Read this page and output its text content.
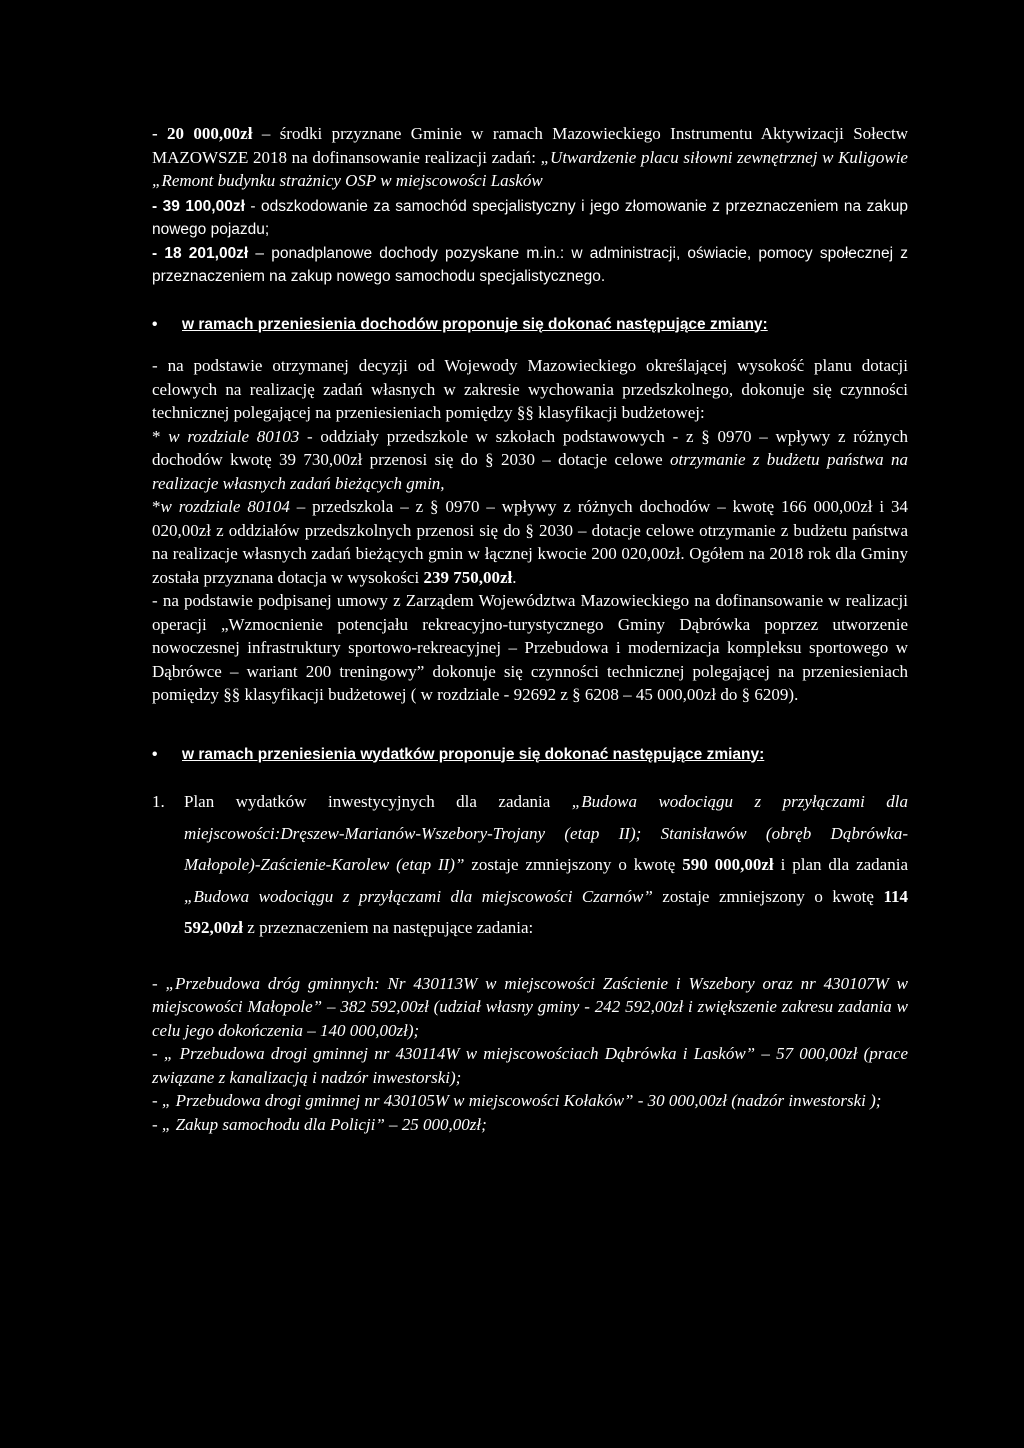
- 20 000,00zł – środki przyznane Gminie w ramach Mazowieckiego Instrumentu Aktywizacji Sołectw MAZOWSZE 2018 na dofinansowanie realizacji zadań: „Utwardzenie placu siłowni zewnętrznej w Kuligowie „Remont budynku strażnicy OSP w miejscowości Lasków

- 39 100,00zł - odszkodowanie za samochód specjalistyczny i jego złomowanie z przeznaczeniem na zakup nowego pojazdu;

- 18 201,00zł – ponadplanowe dochody pozyskane m.in.: w administracji, oświacie, pomocy społecznej z przeznaczeniem na zakup nowego samochodu specjalistycznego.

• w ramach przeniesienia dochodów proponuje się dokonać następujące zmiany:

- na podstawie otrzymanej decyzji od Wojewody Mazowieckiego określającej wysokość planu dotacji celowych na realizację zadań własnych w zakresie wychowania przedszkolnego, dokonuje się czynności technicznej polegającej na przeniesieniach pomiędzy §§ klasyfikacji budżetowej:

* w rozdziale 80103 - oddziały przedszkole w szkołach podstawowych - z § 0970 – wpływy z różnych dochodów kwotę 39 730,00zł przenosi się do § 2030 – dotacje celowe otrzymanie z budżetu państwa na realizacje własnych zadań bieżących gmin,

*w rozdziale 80104 – przedszkola – z § 0970 – wpływy z różnych dochodów – kwotę 166 000,00zł i 34 020,00zł z oddziałów przedszkolnych przenosi się do § 2030 – dotacje celowe otrzymanie z budżetu państwa na realizacje własnych zadań bieżących gmin w łącznej kwocie 200 020,00zł. Ogółem na 2018 rok dla Gminy została przyznana dotacja w wysokości 239 750,00zł.

- na podstawie podpisanej umowy z Zarządem Województwa Mazowieckiego na dofinansowanie w realizacji operacji „Wzmocnienie potencjału rekreacyjno-turystycznego Gminy Dąbrówka poprzez utworzenie nowoczesnej infrastruktury sportowo-rekreacyjnej – Przebudowa i modernizacja kompleksu sportowego w Dąbrówce – wariant 200 treningowy” dokonuje się czynności technicznej polegającej na przeniesieniach pomiędzy §§ klasyfikacji budżetowej ( w rozdziale - 92692 z § 6208 – 45 000,00zł do § 6209).

• w ramach przeniesienia wydatków proponuje się dokonać następujące zmiany:

1. Plan wydatków inwestycyjnych dla zadania „Budowa wodociągu z przyłączami dla miejscowości:Dręszew-Marianów-Wszebory-Trojany (etap II); Stanisławów (obręb Dąbrówka-Małopole)-Zaścienie-Karolew (etap II)” zostaje zmniejszony o kwotę 590 000,00zł i plan dla zadania „Budowa wodociągu z przyłączami dla miejscowości Czarnów” zostaje zmniejszony o kwotę 114 592,00zł z przeznaczeniem na następujące zadania:

- „Przebudowa dróg gminnych: Nr 430113W w miejscowości Zaścienie i Wszebory oraz nr 430107W w miejscowości Małopole” – 382 592,00zł (udział własny gminy - 242 592,00zł i zwiększenie zakresu zadania w celu jego dokończenia – 140 000,00zł);

- „ Przebudowa drogi gminnej nr 430114W w miejscowościach Dąbrówka i Lasków” – 57 000,00zł (prace związane z kanalizacją i nadzór inwestorski);

- „ Przebudowa drogi gminnej nr 430105W w miejscowości Kołaków” - 30 000,00zł (nadzór inwestorski );

- „ Zakup samochodu dla Policji” – 25 000,00zł;
